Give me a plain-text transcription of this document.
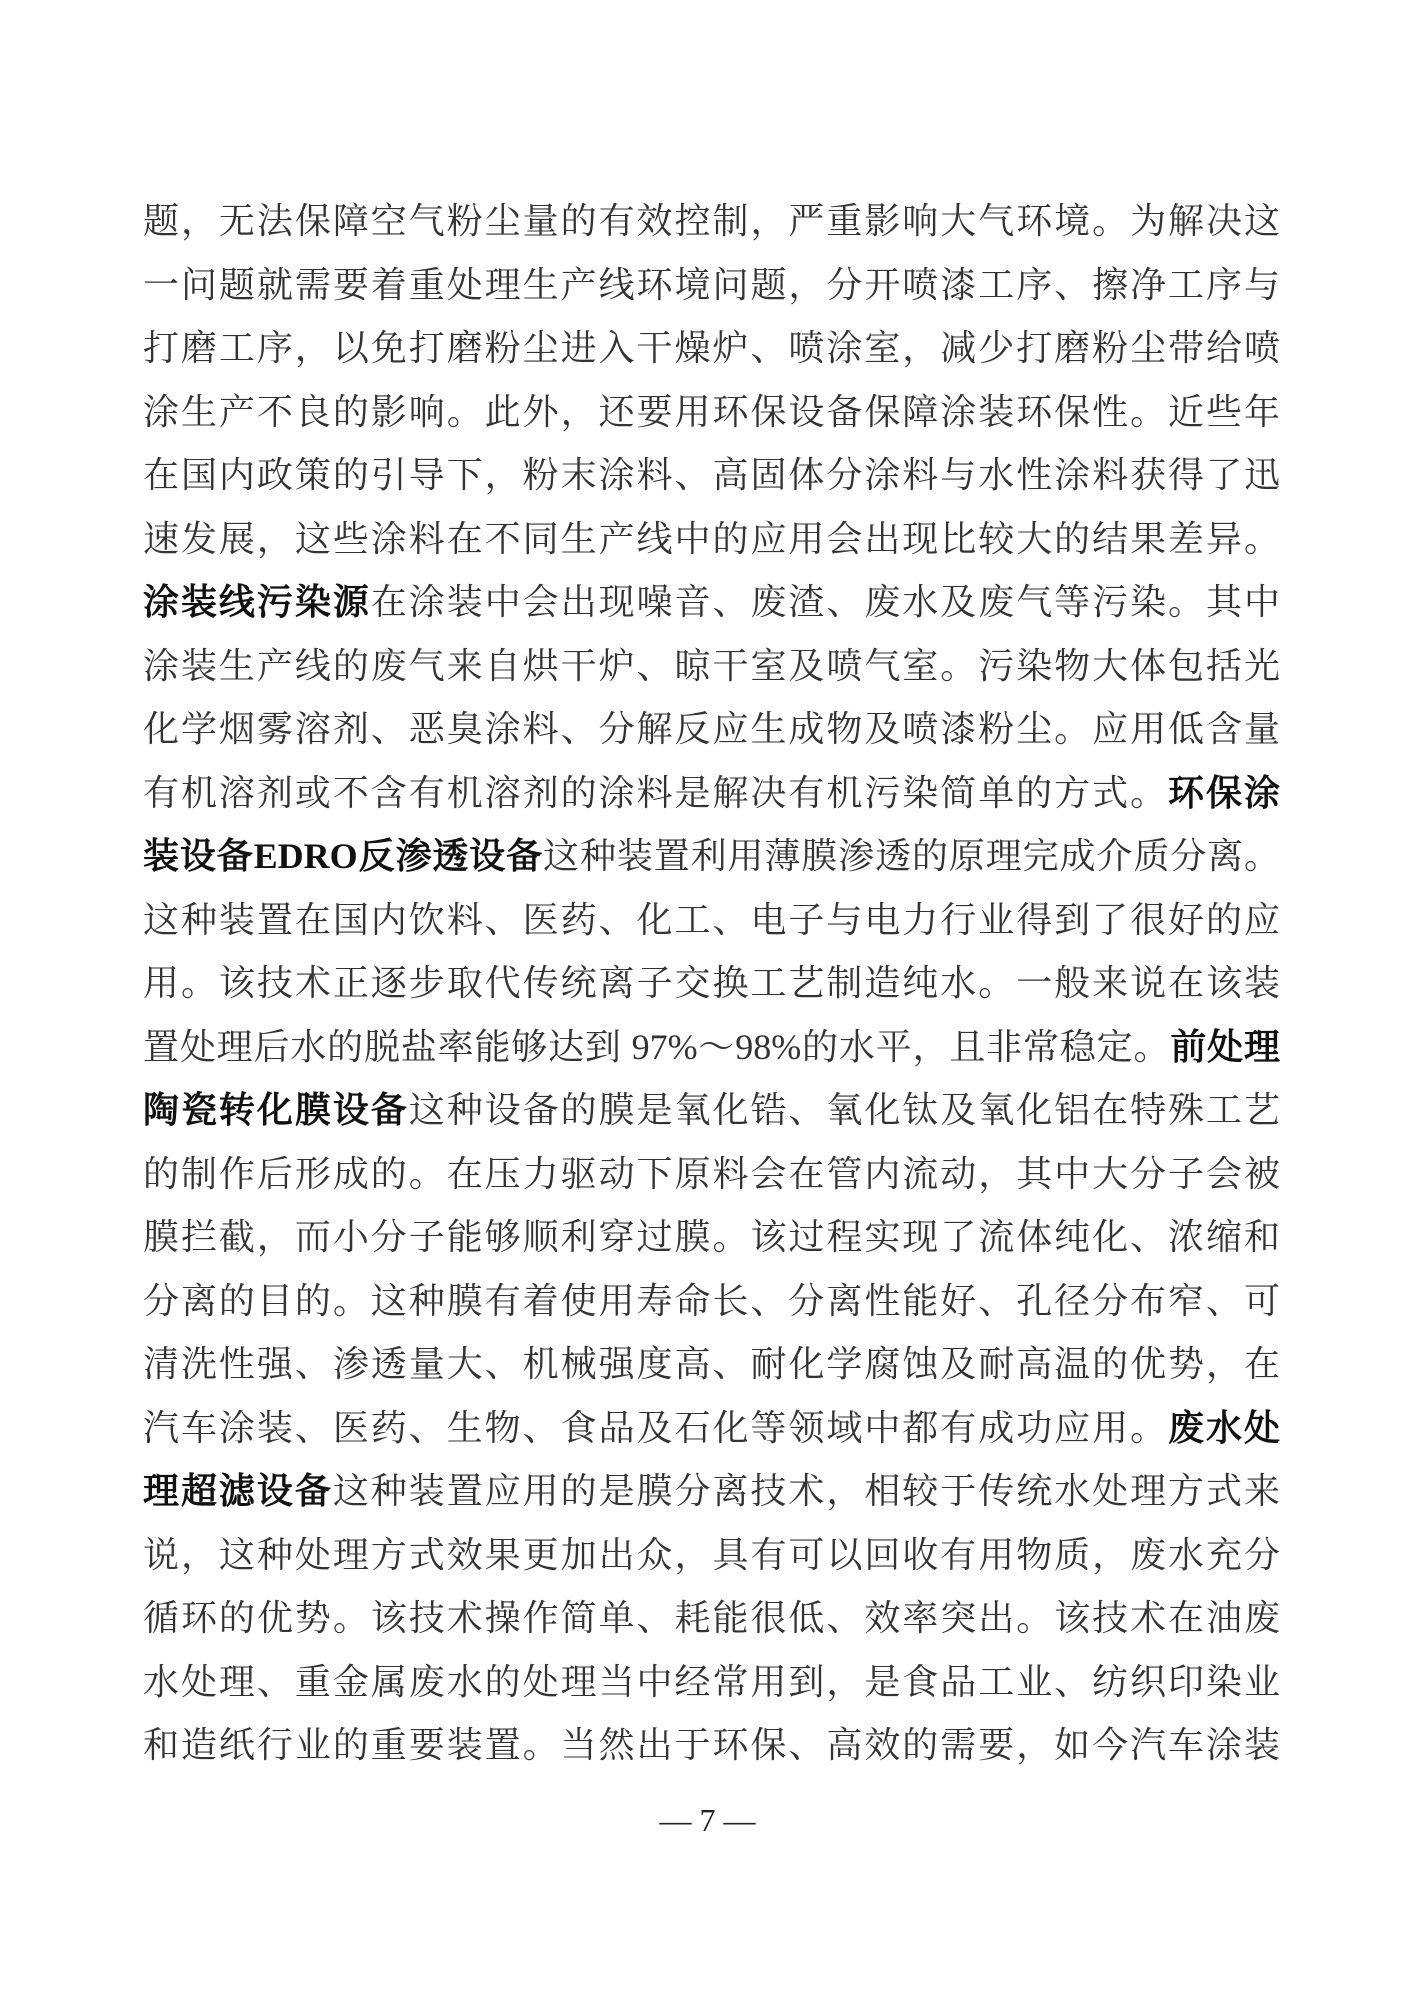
题，无法保障空气粉尘量的有效控制，严重影响大气环境。为解决这
一问题就需要着重处理生产线环境问题，分开喷漆工序、擦净工序与
打磨工序，以免打磨粉尘进入干燥炉、喷涂室，减少打磨粉尘带给喷
涂生产不良的影响。此外，还要用环保设备保障涂装环保性。近些年
在国内政策的引导下，粉末涂料、高固体分涂料与水性涂料获得了迅
速发展，这些涂料在不同生产线中的应用会出现比较大的结果差异。
涂装线污染源在涂装中会出现噪音、废渣、废水及废气等污染。其中
涂装生产线的废气来自烘干炉、晾干室及喷气室。污染物大体包括光
化学烟雾溶剂、恶臭涂料、分解反应生成物及喷漆粉尘。应用低含量
有机溶剂或不含有机溶剂的涂料是解决有机污染简单的方式。环保涂
装设备EDRO反渗透设备这种装置利用薄膜渗透的原理完成介质分离。
这种装置在国内饮料、医药、化工、电子与电力行业得到了很好的应
用。该技术正逐步取代传统离子交换工艺制造纯水。一般来说在该装
置处理后水的脱盐率能够达到 97%～98%的水平，且非常稳定。前处理
陶瓷转化膜设备这种设备的膜是氧化锆、氧化钛及氧化铝在特殊工艺
的制作后形成的。在压力驱动下原料会在管内流动，其中大分子会被
膜拦截，而小分子能够顺利穿过膜。该过程实现了流体纯化、浓缩和
分离的目的。这种膜有着使用寿命长、分离性能好、孔径分布窄、可
清洗性强、渗透量大、机械强度高、耐化学腐蚀及耐高温的优势，在
汽车涂装、医药、生物、食品及石化等领域中都有成功应用。废水处
理超滤设备这种装置应用的是膜分离技术，相较于传统水处理方式来
说，这种处理方式效果更加出众，具有可以回收有用物质，废水充分
循环的优势。该技术操作简单、耗能很低、效率突出。该技术在油废
水处理、重金属废水的处理当中经常用到，是食品工业、纺织印染业
和造纸行业的重要装置。当然出于环保、高效的需要，如今汽车涂装
— 7 —
